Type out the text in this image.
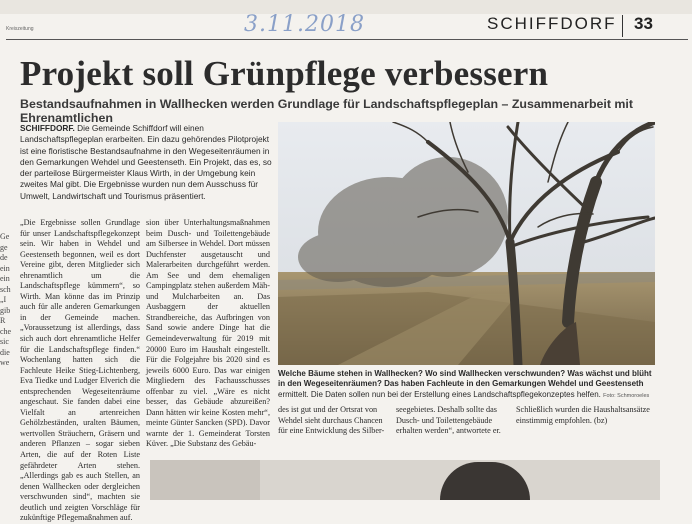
Kreiszeitung	3.11.2018	SCHIFFDORF 33
Ge ge de ein ein sch „I gib R che sic die we
Projekt soll Grünpflege verbessern
Bestandsaufnahmen in Wallhecken werden Grundlage für Landschaftspflegeplan – Zusammenarbeit mit Ehrenamtlichen
SCHIFFDORF. Die Gemeinde Schiffdorf will einen Landschaftspflegeplan erarbeiten. Ein dazu gehörendes Pilotprojekt ist eine floristische Bestandsaufnahme in den Wegeseitenräumen in den Gemarkungen Wehdel und Geestenseth. Ein Projekt, das es, so der parteilose Bürgermeister Klaus Wirth, in der Umgebung kein zweites Mal gibt. Die Ergebnisse wurden nun dem Ausschuss für Umwelt, Landwirtschaft und Tourismus präsentiert.
„Die Ergebnisse sollen Grundlage für unser Landschaftspflegekonzept sein. Wir haben in Wehdel und Geestenseth begonnen, weil es dort Vereine gibt, deren Mitglieder sich ehrenamtlich um die Landschaftspflege kümmern“, so Wirth. Man könne das im Prinzip auch für alle anderen Gemarkungen in der Gemeinde machen. „Voraussetzung ist allerdings, dass sich auch dort ehrenamtliche Helfer für die Landschaftspflege finden.“ Wochenlang hatten sich die Fachleute Heike Stieg-Lichtenberg, Eva Tiedke und Ludger Elverich die entsprechenden Wegeseitenräume angeschaut. Sie fanden dabei eine Vielfalt an artenreichen Gehölzbeständen, uralten Bäumen, wertvollen Sträuchern, Gräsern und anderen Pflanzen – sogar sieben Arten, die auf der Roten Liste gefährdeter Arten stehen. „Allerdings gab es auch Stellen, an denen Wallhecken oder dergleichen verschwunden sind“, machten sie deutlich und zeigten Vorschläge für zukünftige Pflegemaßnahmen auf.
sion über Unterhaltungsmaßnahmen beim Dusch- und Toilettengebäude am Silbersee in Wehdel. Dort müssen Duchfenster ausgetauscht und Malerarbeiten durchgeführt werden. Am See und dem ehemaligen Campingplatz stehen außerdem Mäh- und Mulcharbeiten an. Das Ausbaggern der aktuellen Strandbereiche, das Aufbringen von Sand sowie andere Dinge hat die Gemeindeverwaltung für 2019 mit 20000 Euro im Haushalt eingestellt. Für die Folgejahre bis 2020 sind es jeweils 6000 Euro. Das war einigen Mitgliedern des Fachausschusses offenbar zu viel. „Wäre es nicht besser, das Gebäude abzureißen? Dann hätten wir keine Kosten mehr“, meinte Günter Sancken (SPD). Davor warnte der 1. Gemeinderat Torsten Küver. „Die Substanz des Gebäu-
Welche Bäume stehen in Wallhecken? Wo sind Wallhecken verschwunden? Was wächst und blüht in den Wegeseitenräumen? Das haben Fachleute in den Gemarkungen Wehdel und Geestenseth ermittelt. Die Daten sollen nun bei der Erstellung eines Landschaftspflegekonzeptes helfen. Foto: Schmoroeles
des ist gut und der Ortsrat von Wehdel sieht durchaus Chancen für eine Entwicklung des Silber-
seegebietes. Deshalb sollte das Dusch- und Toilettengebäude erhalten werden“, antwortete er.
Schließlich wurden die Haushaltsansätze einstimmig empfohlen. (bz)
